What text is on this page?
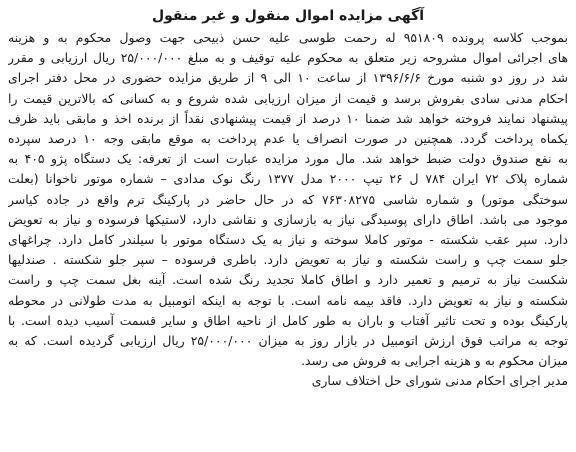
آگهی مزایده اموال منقول و غیر منقول
بموجب کلاسه پرونده ۹۵۱۸۰۹ له رحمت طوسی علیه حسن ذبیحی جهت وصول محکوم به و هزینه
های اجرائی اموال مشروحه زیر متعلق به محکوم علیه توقیف و به مبلغ ۲۵/۰۰۰/۰۰۰ ریال ارزیابی و مقرر
شد در روز دو شنبه مورخ ۱۳۹۶/۶/۶ از ساعت ۱۰ الی ۹ از طریق مزایده حضوری در محل دفتر اجرای
احکام مدنی سادی بفروش برسد و قیمت از میزان ارزیابی شده شروع و به کسانی که بالاترین قیمت را
پیشنهاد نمایند فروخته خواهد شد ضمنا ۱۰ درصد از قیمت پیشنهادی نقداً از برنده اخذ و مابقی باید ظرف
یکماه پرداخت گردد. همچنین در صورت انصراف یا عدم پرداخت به موقع مابقی وجه ۱۰ درصد سپرده
به نفع صندوق دولت ضبط خواهد شد. مال مورد مزایده عبارت است از تعرفه: یک دستگاه پژو ۴۰۵ به
شماره پلاک ۷۲ ایران ۷۸۴ ل ۲۶ تیپ ۲۰۰۰ مدل ۱۳۷۷ رنگ نوک مدادی – شماره موتور ناخوانا (بعلت
سوختگی موتور) و شماره شاسی ۷۶۳۰۸۲۷۵ که در حال حاضر در پارکینگ ترم واقع در جاده کیاسر
موجود می باشد. اطاق دارای پوسیدگی نیاز به بازسازی و نقاشی دارد، لاستیکها فرسوده و نیاز به تعویض
دارد. سپر عقب شکسته - موتور کاملا سوخته و نیاز به یک دستگاه موتور با سیلندر کامل دارد. چراغهای
جلو سمت چپ و راست شکسته و نیاز به تعویض دارد. باطری فرسوده – سپر جلو شکسته . صندلیها
شکست نیاز به ترمیم و تعمیر دارد و اطاق کاملا تجدید رنگ شده است. آینه بغل سمت چپ و راست
شکسته و نیاز به تعویض دارد. فاقد بیمه نامه است. با توجه به اینکه اتومبیل به مدت طولانی در محوطه
پارکینگ بوده و تحت تاثیر آفتاب و باران به طور کامل از ناحیه اطاق و سایر قسمت آسیب دیده است. با
توجه به مراتب فوق ارزش اتومبیل در بازار روز به میزان ۲۵/۰۰۰/۰۰۰ ریال ارزیابی گردیده است. که به
میزان محکوم به و هزینه اجرایی به فروش می رسد.
مدیر اجرای احکام مدنی شورای حل اختلاف ساری
